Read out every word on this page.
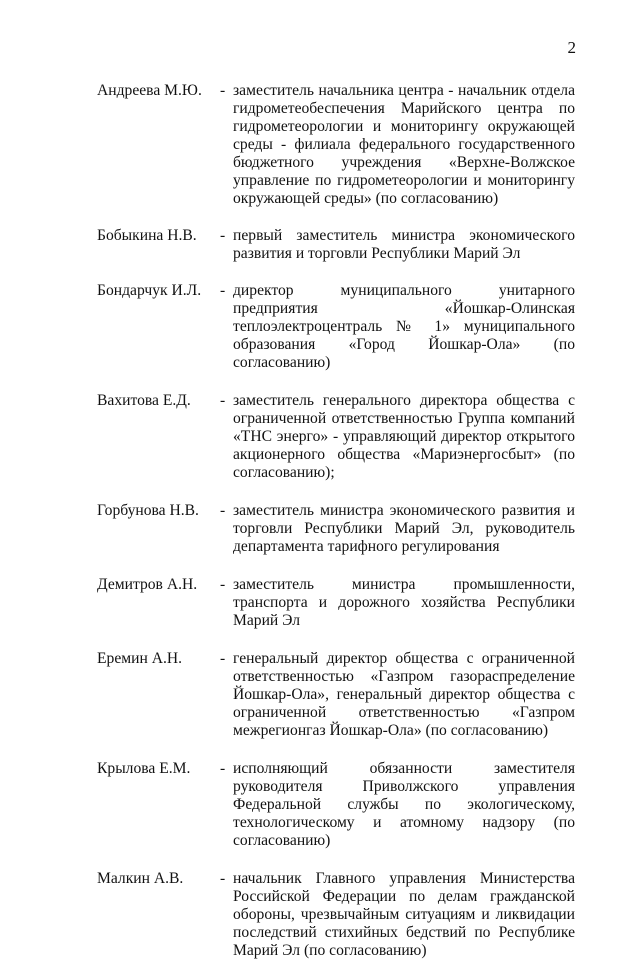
2
Андреева М.Ю.	- заместитель начальника центра - начальник отдела гидрометеобеспечения Марийского центра по гидрометеорологии и мониторингу окружающей среды - филиала федерального государственного бюджетного учреждения «Верхне-Волжское управление по гидрометеорологии и мониторингу окружающей среды» (по согласованию)
Бобыкина Н.В.	- первый заместитель министра экономического развития и торговли Республики Марий Эл
Бондарчук И.Л.	- директор муниципального унитарного предприятия «Йошкар-Олинская теплоэлектроцентраль № 1» муниципального образования «Город Йошкар-Ола» (по согласованию)
Вахитова Е.Д.	- заместитель генерального директора общества с ограниченной ответственностью Группа компаний «ТНС энерго» - управляющий директор открытого акционерного общества «Мариэнергосбыт» (по согласованию);
Горбунова Н.В.	- заместитель министра экономического развития и торговли Республики Марий Эл, руководитель департамента тарифного регулирования
Демитров А.Н.	- заместитель министра промышленности, транспорта и дорожного хозяйства Республики Марий Эл
Еремин А.Н.	- генеральный директор общества с ограниченной ответственностью «Газпром газораспределение Йошкар-Ола», генеральный директор общества с ограниченной ответственностью «Газпром межрегионгаз Йошкар-Ола» (по согласованию)
Крылова Е.М.	- исполняющий обязанности заместителя руководителя Приволжского управления Федеральной службы по экологическому, технологическому и атомному надзору (по согласованию)
Малкин А.В.	- начальник Главного управления Министерства Российской Федерации по делам гражданской обороны, чрезвычайным ситуациям и ликвидации последствий стихийных бедствий по Республике Марий Эл (по согласованию)
